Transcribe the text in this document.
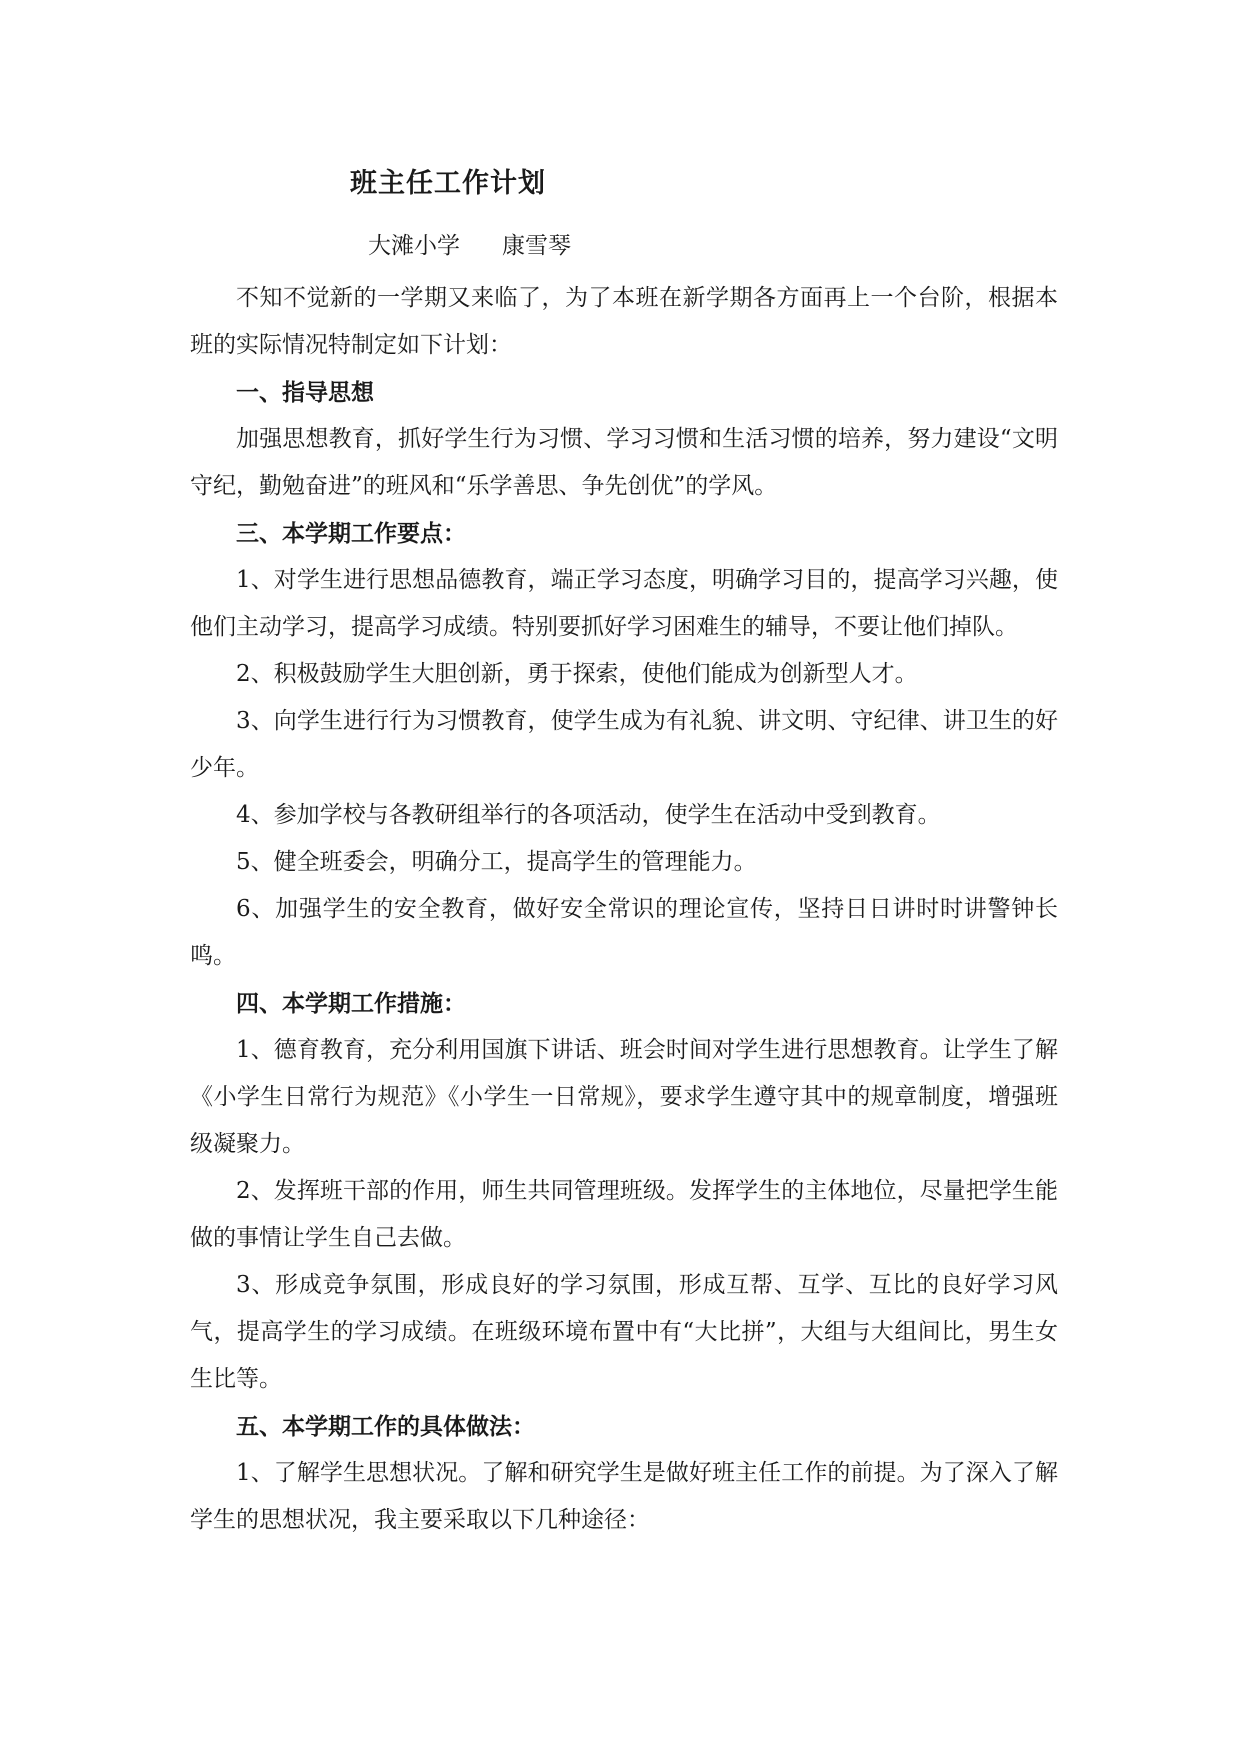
班主任工作计划
大滩小学 康雪琴

不知不觉新的一学期又来临了，为了本班在新学期各方面再上一个台阶，根据本班的实际情况特制定如下计划：

一、指导思想

加强思想教育，抓好学生行为习惯、学习习惯和生活习惯的培养，努力建设“文明守纪，勤勉奋进”的班风和“乐学善思、争先创优”的学风。

三、本学期工作要点：

1、对学生进行思想品德教育，端正学习态度，明确学习目的，提高学习兴趣，使他们主动学习，提高学习成绩。特别要抓好学习困难生的辅导，不要让他们掉队。

2、积极鼓励学生大胆创新，勇于探索，使他们能成为创新型人才。

3、向学生进行行为习惯教育，使学生成为有礼貌、讲文明、守纪律、讲卫生的好少年。

4、参加学校与各教研组举行的各项活动，使学生在活动中受到教育。

5、健全班委会，明确分工，提高学生的管理能力。

6、加强学生的安全教育，做好安全常识的理论宣传，坚持日日讲时时讲警钟长鸣。

四、本学期工作措施：

1、德育教育，充分利用国旗下讲话、班会时间对学生进行思想教育。让学生了解《小学生日常行为规范》《小学生一日常规》，要求学生遵守其中的规章制度，增强班级凝聚力。

2、发挥班干部的作用，师生共同管理班级。发挥学生的主体地位，尽量把学生能做的事情让学生自己去做。

3、形成竞争氛围，形成良好的学习氛围，形成互帮、互学、互比的良好学习风气，提高学生的学习成绩。在班级环境布置中有“大比拼”，大组与大组间比，男生女生比等。

五、本学期工作的具体做法：

1、了解学生思想状况。了解和研究学生是做好班主任工作的前提。为了深入了解学生的思想状况，我主要采取以下几种途径：
